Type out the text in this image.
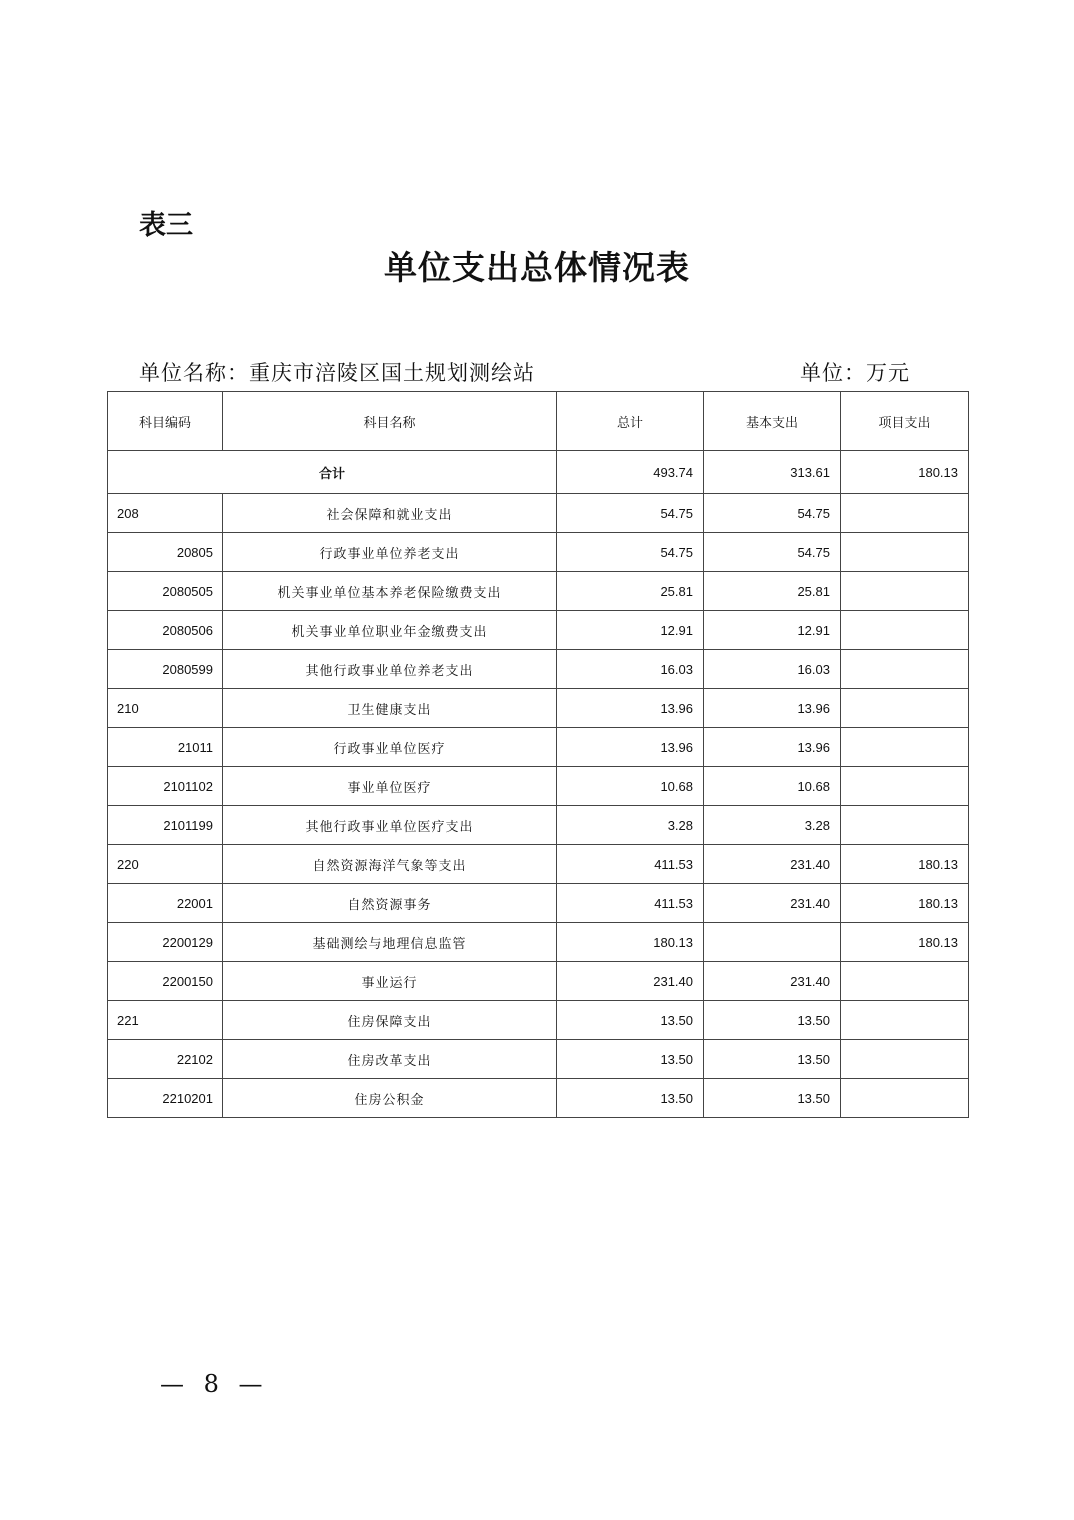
表三
单位支出总体情况表
单位名称：重庆市涪陵区国土规划测绘站	单位：万元
科目编码	科目名称	总计	基本支出	项目支出
合计		493.74	313.61	180.13
208	社会保障和就业支出	54.75	54.75	
20805	行政事业单位养老支出	54.75	54.75	
2080505	机关事业单位基本养老保险缴费支出	25.81	25.81	
2080506	机关事业单位职业年金缴费支出	12.91	12.91	
2080599	其他行政事业单位养老支出	16.03	16.03	
210	卫生健康支出	13.96	13.96	
21011	行政事业单位医疗	13.96	13.96	
2101102	事业单位医疗	10.68	10.68	
2101199	其他行政事业单位医疗支出	3.28	3.28	
220	自然资源海洋气象等支出	411.53	231.40	180.13
22001	自然资源事务	411.53	231.40	180.13
2200129	基础测绘与地理信息监管	180.13		180.13
2200150	事业运行	231.40	231.40	
221	住房保障支出	13.50	13.50	
22102	住房改革支出	13.50	13.50	
2210201	住房公积金	13.50	13.50	
— 8 —
